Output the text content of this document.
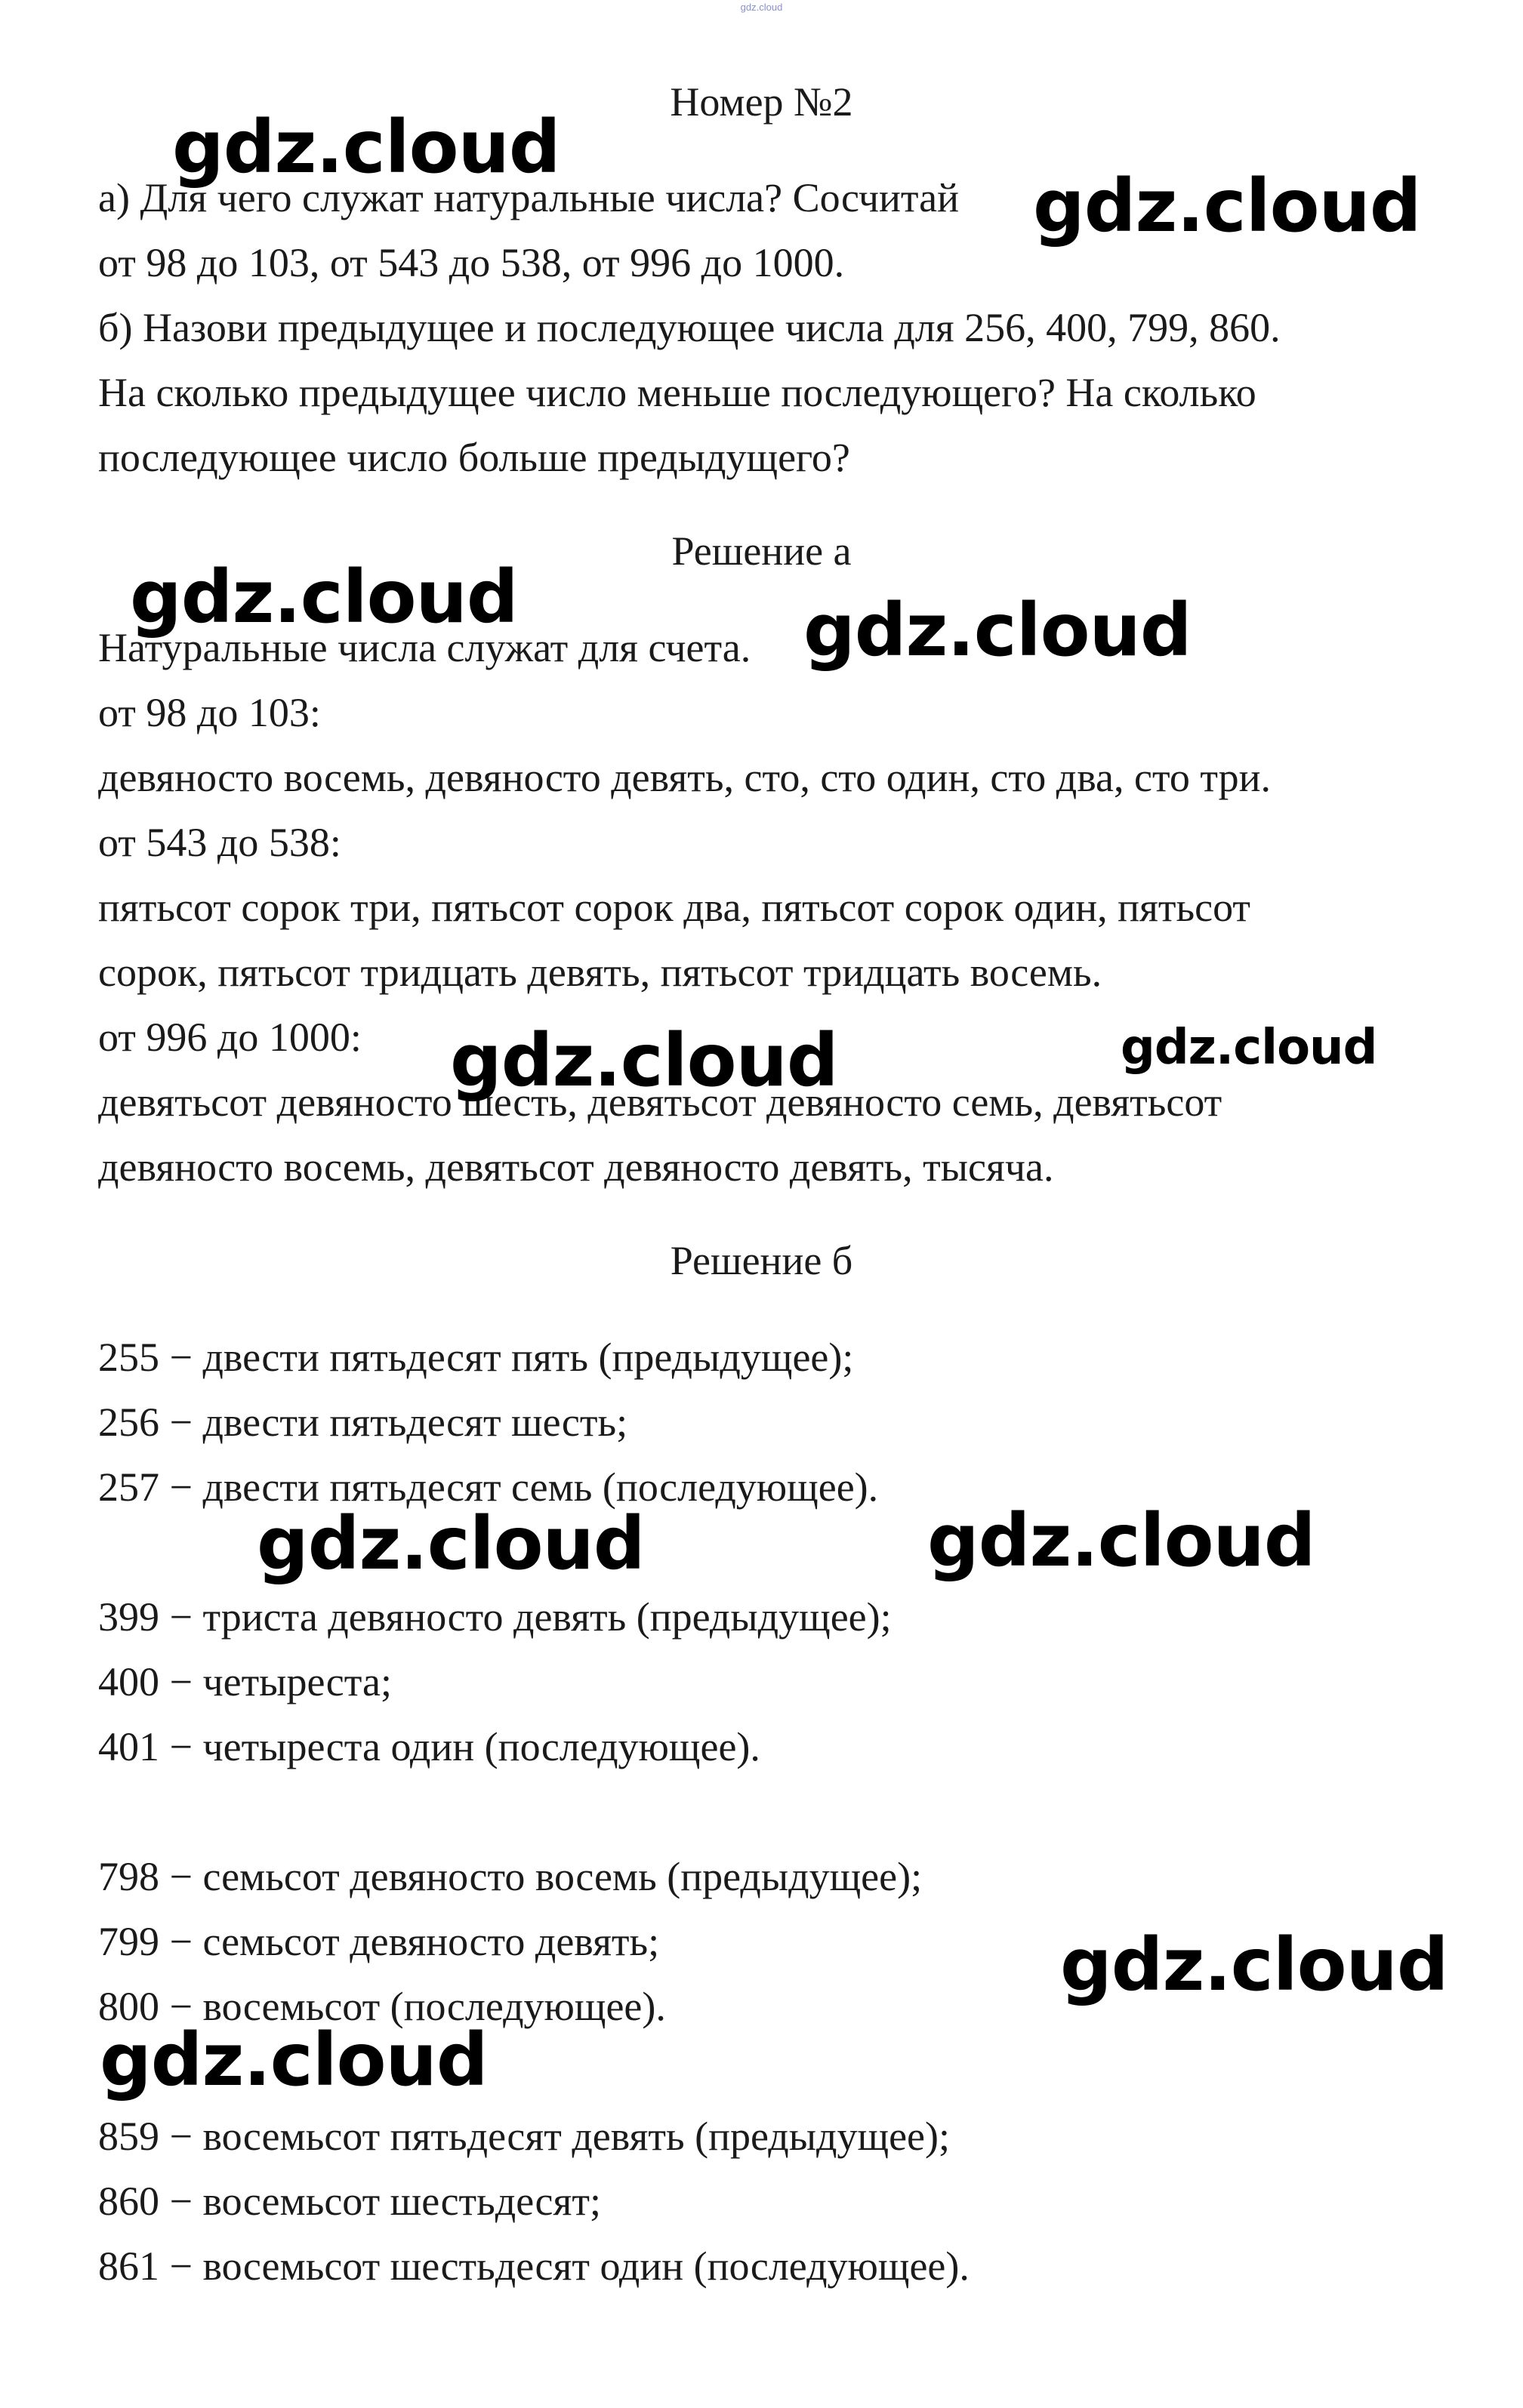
gdz.cloud

Номер №2

а) Для чего служат натуральные числа? Сосчитай

от 98 до 103, от 543 до 538, от 996 до 1000.

б) Назови предыдущее и последующее числа для 256, 400, 799, 860.

На сколько предыдущее число меньше последующего? На сколько

последующее число больше предыдущего?

Решение а

Натуральные числа служат для счета.

от 98 до 103:

девяносто восемь, девяносто девять, сто, сто один, сто два, сто три.

от 543 до 538:

пятьсот сорок три, пятьсот сорок два, пятьсот сорок один, пятьсот

сорок, пятьсот тридцать девять, пятьсот тридцать восемь.

от 996 до 1000:

девятьсот девяносто шесть, девятьсот девяносто семь, девятьсот

девяносто восемь, девятьсот девяносто девять, тысяча.

Решение б

255 − двести пятьдесят пять (предыдущее);

256 − двести пятьдесят шесть;

257 − двести пятьдесят семь (последующее).

399 − триста девяносто девять (предыдущее);

400 − четыреста;

401 − четыреста один (последующее).

798 − семьсот девяносто восемь (предыдущее);

799 − семьсот девяносто девять;

800 − восемьсот (последующее).

859 − восемьсот пятьдесят девять (предыдущее);

860 − восемьсот шестьдесят;

861 − восемьсот шестьдесят один (последующее).

gdz.cloud

gdz.cloud

gdz.cloud	gdz.cloud

gdz.cloud	gdz.cloud

gdz.cloud	gdz.cloud

gdz.cloud

gdz.cloud
